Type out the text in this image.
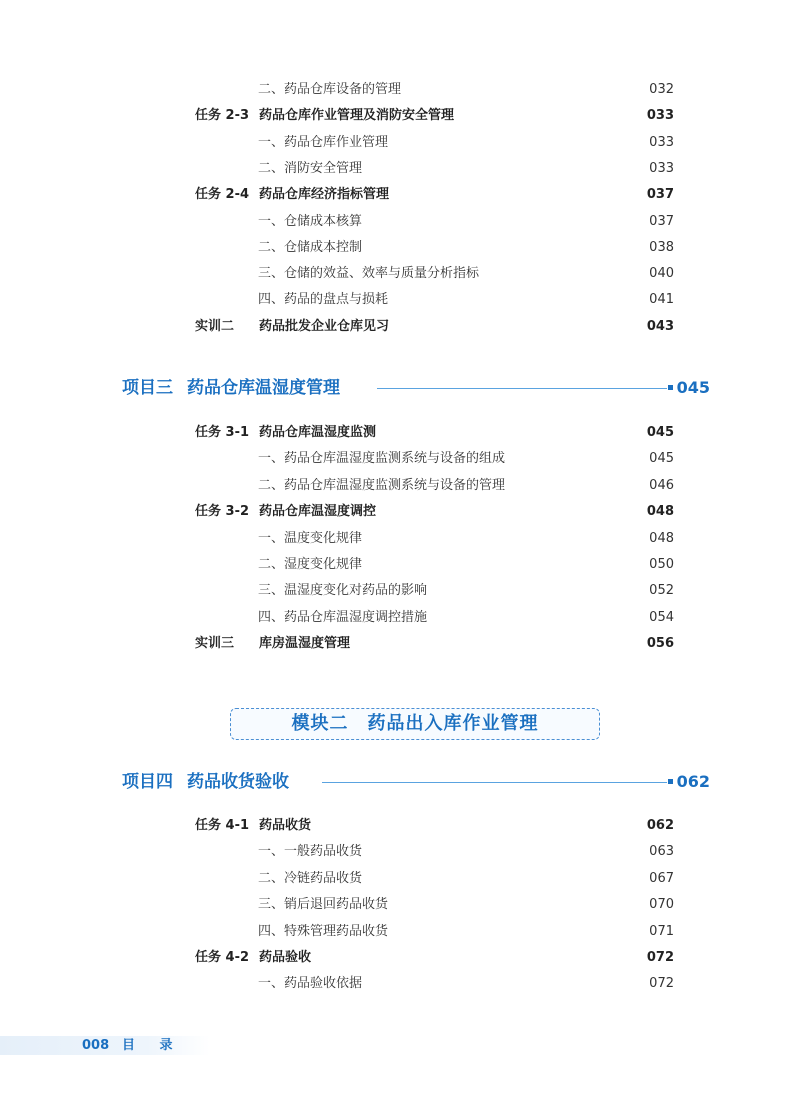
二、药品仓库设备的管理	032
任务 2-3 药品仓库作业管理及消防安全管理	033
一、药品仓库作业管理	033
二、消防安全管理	033
任务 2-4 药品仓库经济指标管理	037
一、仓储成本核算	037
二、仓储成本控制	038
三、仓储的效益、效率与质量分析指标	040
四、药品的盘点与损耗	041
实训二 药品批发企业仓库见习	043
项目三 药品仓库温湿度管理	045
任务 3-1 药品仓库温湿度监测	045
一、药品仓库温湿度监测系统与设备的组成	045
二、药品仓库温湿度监测系统与设备的管理	046
任务 3-2 药品仓库温湿度调控	048
一、温度变化规律	048
二、湿度变化规律	050
三、温湿度变化对药品的影响	052
四、药品仓库温湿度调控措施	054
实训三 库房温湿度管理	056
模块二　药品出入库作业管理
项目四 药品收货验收	062
任务 4-1 药品收货	062
一、一般药品收货	063
二、冷链药品收货	067
三、销后退回药品收货	070
四、特殊管理药品收货	071
任务 4-2 药品验收	072
一、药品验收依据	072
008 目 录
